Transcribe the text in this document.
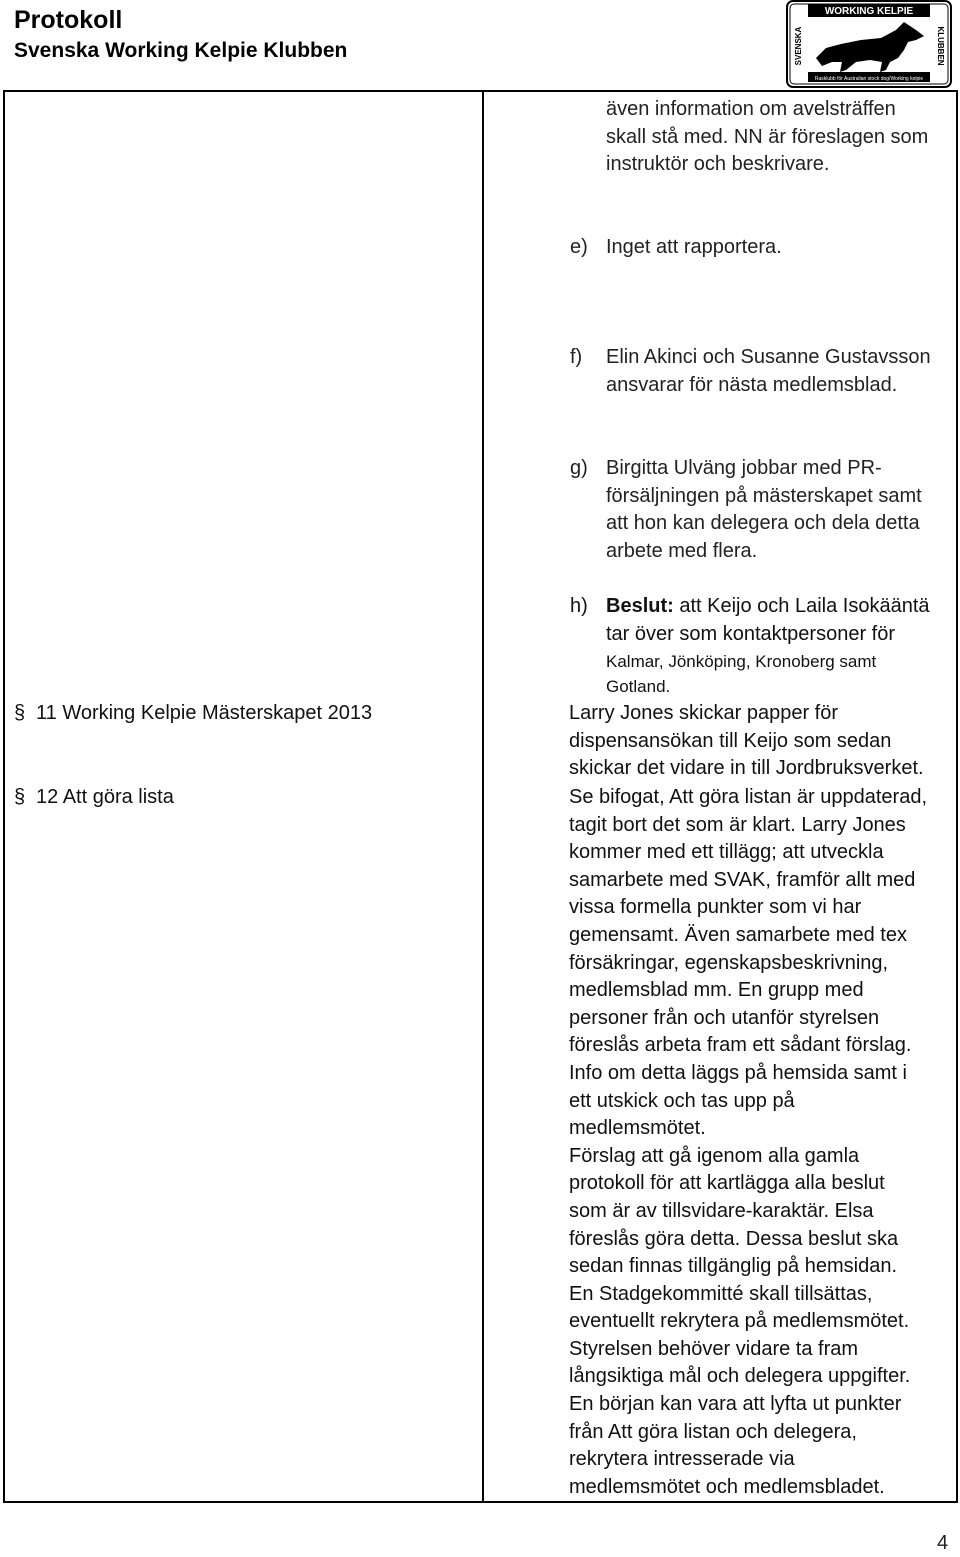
Protokoll
Svenska Working Kelpie Klubben
WORKING KELPIE
SVENSKA	KLUBBEN
Rasklubb för Australian stock dog/Working kelpie
även information om avelsträffen
skall stå med. NN är föreslagen som
instruktör och beskrivare.
e) Inget att rapportera.
f) Elin Akinci och Susanne Gustavsson
ansvarar för nästa medlemsblad.
g) Birgitta Ulväng jobbar med PR-
försäljningen på mästerskapet samt
att hon kan delegera och dela detta
arbete med flera.
h) Beslut: att Keijo och Laila Isokääntä
tar över som kontaktpersoner för
Kalmar, Jönköping, Kronoberg samt
Gotland.
§ 11 Working Kelpie Mästerskapet 2013	Larry Jones skickar papper för
dispensansökan till Keijo som sedan
skickar det vidare in till Jordbruksverket.
§ 12 Att göra lista	Se bifogat, Att göra listan är uppdaterad,
tagit bort det som är klart. Larry Jones
kommer med ett tillägg; att utveckla
samarbete med SVAK, framför allt med
vissa formella punkter som vi har
gemensamt. Även samarbete med tex
försäkringar, egenskapsbeskrivning,
medlemsblad mm. En grupp med
personer från och utanför styrelsen
föreslås arbeta fram ett sådant förslag.
Info om detta läggs på hemsida samt i
ett utskick och tas upp på
medlemsmötet.
Förslag att gå igenom alla gamla
protokoll för att kartlägga alla beslut
som är av tillsvidare-karaktär. Elsa
föreslås göra detta. Dessa beslut ska
sedan finnas tillgänglig på hemsidan.
En Stadgekommitté skall tillsättas,
eventuellt rekrytera på medlemsmötet.
Styrelsen behöver vidare ta fram
långsiktiga mål och delegera uppgifter.
En början kan vara att lyfta ut punkter
från Att göra listan och delegera,
rekrytera intresserade via
medlemsmötet och medlemsbladet.
4
